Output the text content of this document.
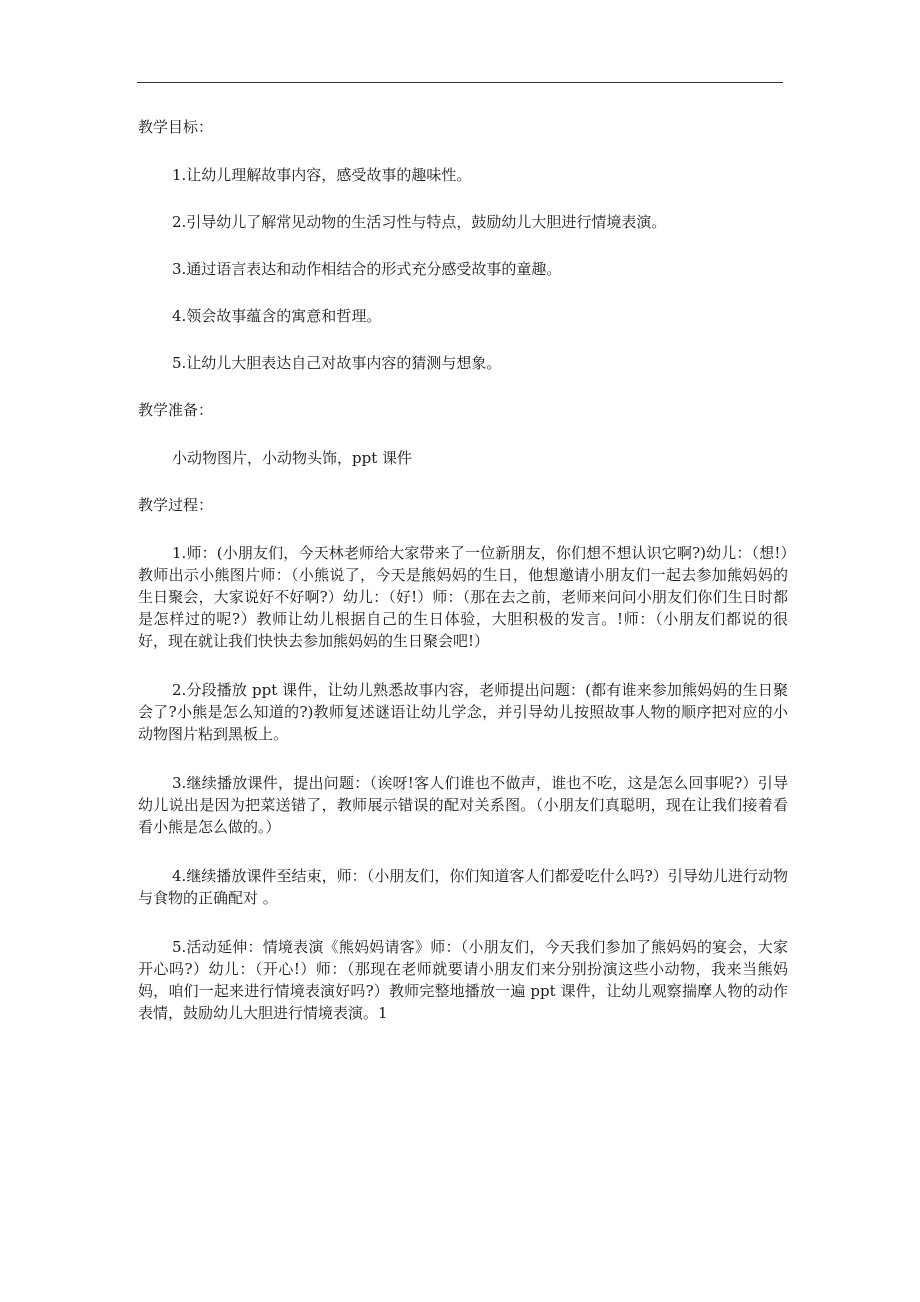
教学目标：

1.让幼儿理解故事内容，感受故事的趣味性。

2.引导幼儿了解常见动物的生活习性与特点，鼓励幼儿大胆进行情境表演。

3.通过语言表达和动作相结合的形式充分感受故事的童趣。

4.领会故事蕴含的寓意和哲理。

5.让幼儿大胆表达自己对故事内容的猜测与想象。

教学准备：

小动物图片，小动物头饰，ppt 课件

教学过程：

1.师：(小朋友们，今天林老师给大家带来了一位新朋友，你们想不想认识它啊?)幼儿：（想!）教师出示小熊图片师：（小熊说了，今天是熊妈妈的生日，他想邀请小朋友们一起去参加熊妈妈的生日聚会，大家说好不好啊?）幼儿：（好!）师：（那在去之前，老师来问问小朋友们你们生日时都是怎样过的呢?）教师让幼儿根据自己的生日体验，大胆积极的发言。!师：（小朋友们都说的很好，现在就让我们快快去参加熊妈妈的生日聚会吧!）

2.分段播放 ppt 课件，让幼儿熟悉故事内容，老师提出问题：(都有谁来参加熊妈妈的生日聚会了?小熊是怎么知道的?)教师复述谜语让幼儿学念，并引导幼儿按照故事人物的顺序把对应的小动物图片粘到黑板上。

3.继续播放课件，提出问题：（诶呀!客人们谁也不做声，谁也不吃，这是怎么回事呢?）引导幼儿说出是因为把菜送错了，教师展示错误的配对关系图。（小朋友们真聪明，现在让我们接着看看小熊是怎么做的。）

4.继续播放课件至结束，师：（小朋友们，你们知道客人们都爱吃什么吗?）引导幼儿进行动物与食物的正确配对 。

5.活动延伸：情境表演《熊妈妈请客》师：（小朋友们，今天我们参加了熊妈妈的宴会，大家开心吗?）幼儿：（开心!）师：（那现在老师就要请小朋友们来分别扮演这些小动物，我来当熊妈妈，咱们一起来进行情境表演好吗?）教师完整地播放一遍 ppt 课件，让幼儿观察揣摩人物的动作表情，鼓励幼儿大胆进行情境表演。1
